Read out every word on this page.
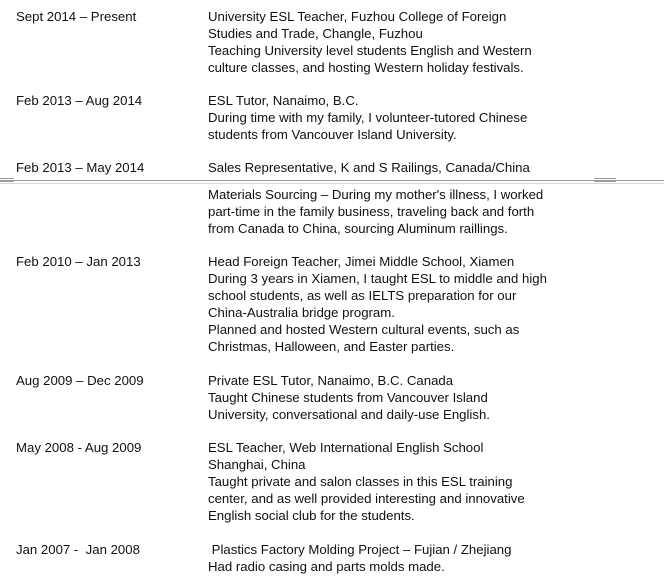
Sept 2014 – Present	University ESL Teacher, Fuzhou College of Foreign
Studies and Trade, Changle, Fuzhou
Teaching University level students English and Western
culture classes, and hosting Western holiday festivals.
Feb 2013 – Aug 2014	ESL Tutor, Nanaimo, B.C.
During time with my family, I volunteer-tutored Chinese
students from Vancouver Island University.
Feb 2013 – May 2014	Sales Representative, K and S Railings, Canada/China
Materials Sourcing – During my mother's illness, I worked
part-time in the family business, traveling back and forth
from Canada to China, sourcing Aluminum raillings.
Feb 2010 – Jan 2013	Head Foreign Teacher, Jimei Middle School, Xiamen
During 3 years in Xiamen, I taught ESL to middle and high
school students, as well as IELTS preparation for our
China-Australia bridge program.
Planned and hosted Western cultural events, such as
Christmas, Halloween, and Easter parties.
Aug 2009 – Dec 2009	Private ESL Tutor, Nanaimo, B.C. Canada
Taught Chinese students from Vancouver Island
University, conversational and daily-use English.
May 2008 - Aug 2009	ESL Teacher, Web International English School
Shanghai, China
Taught private and salon classes in this ESL training
center, and as well provided interesting and innovative
English social club for the students.
Jan 2007 -  Jan 2008	Plastics Factory Molding Project – Fujian / Zhejiang
Had radio casing and parts molds made.
